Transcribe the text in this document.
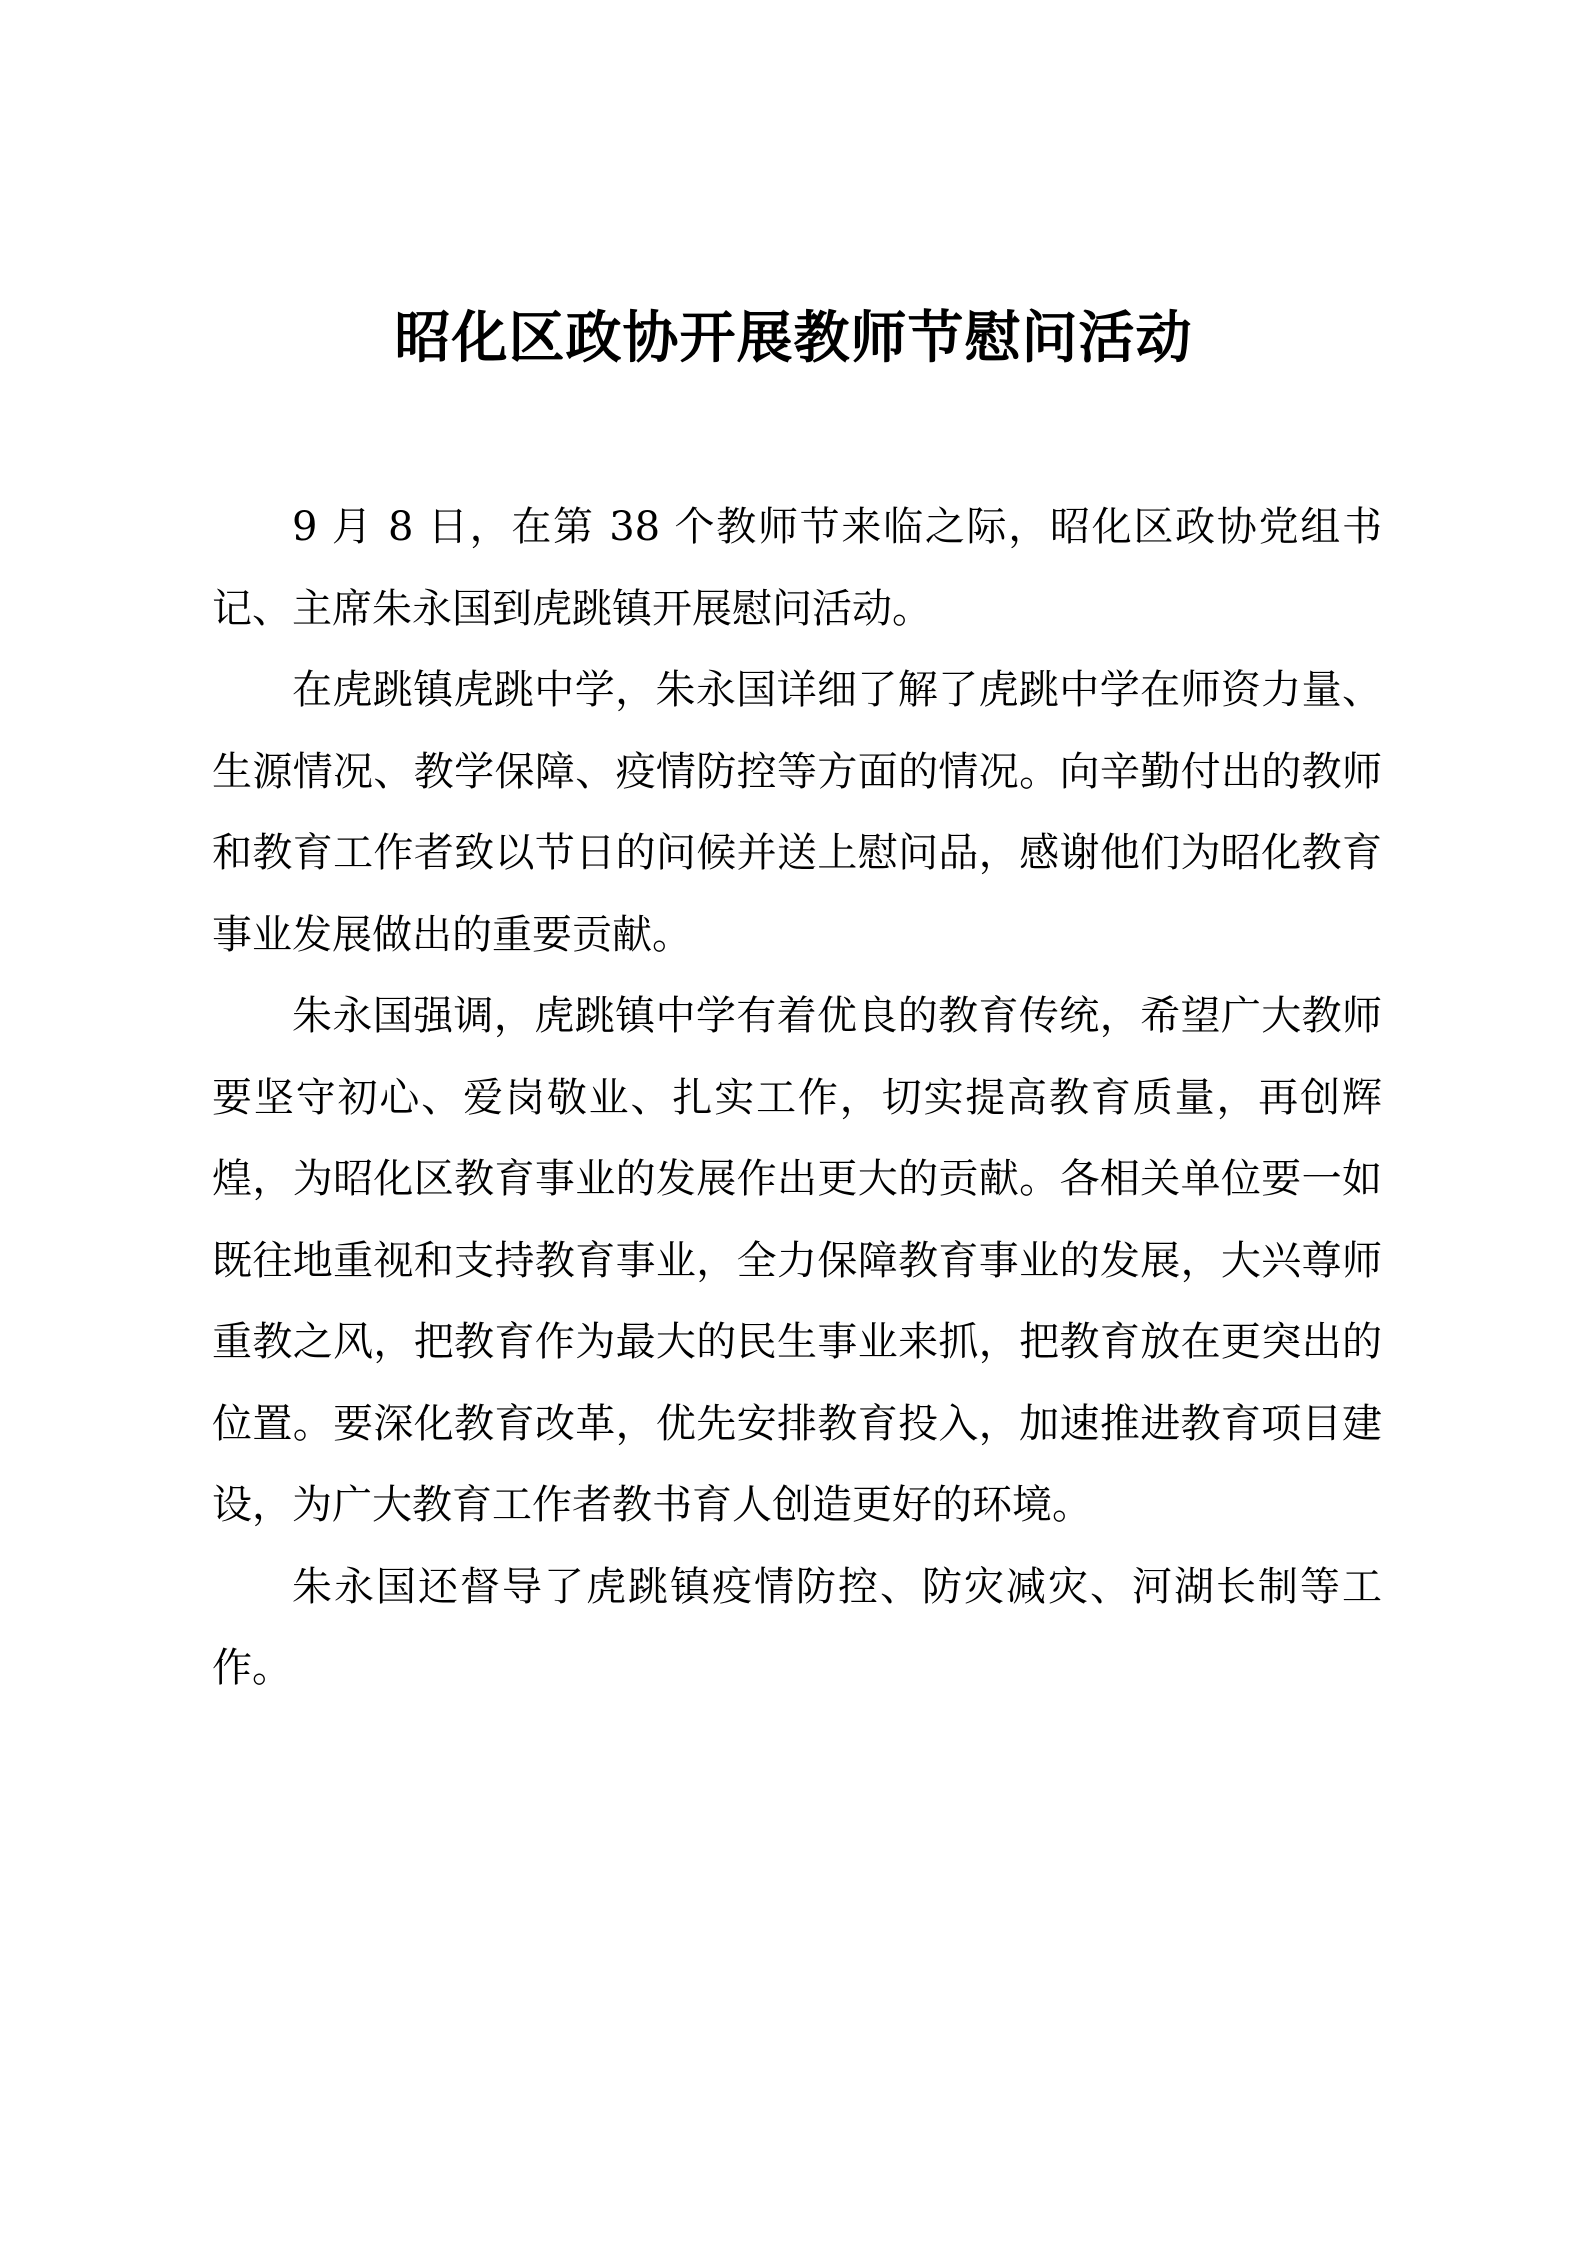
昭化区政协开展教师节慰问活动

9 月 8 日，在第 38 个教师节来临之际，昭化区政协党组书记、主席朱永国到虎跳镇开展慰问活动。

在虎跳镇虎跳中学，朱永国详细了解了虎跳中学在师资力量、生源情况、教学保障、疫情防控等方面的情况。向辛勤付出的教师和教育工作者致以节日的问候并送上慰问品，感谢他们为昭化教育事业发展做出的重要贡献。

朱永国强调，虎跳镇中学有着优良的教育传统，希望广大教师要坚守初心、爱岗敬业、扎实工作，切实提高教育质量，再创辉煌，为昭化区教育事业的发展作出更大的贡献。各相关单位要一如既往地重视和支持教育事业，全力保障教育事业的发展，大兴尊师重教之风，把教育作为最大的民生事业来抓，把教育放在更突出的位置。要深化教育改革，优先安排教育投入，加速推进教育项目建设，为广大教育工作者教书育人创造更好的环境。

朱永国还督导了虎跳镇疫情防控、防灾减灾、河湖长制等工作。
